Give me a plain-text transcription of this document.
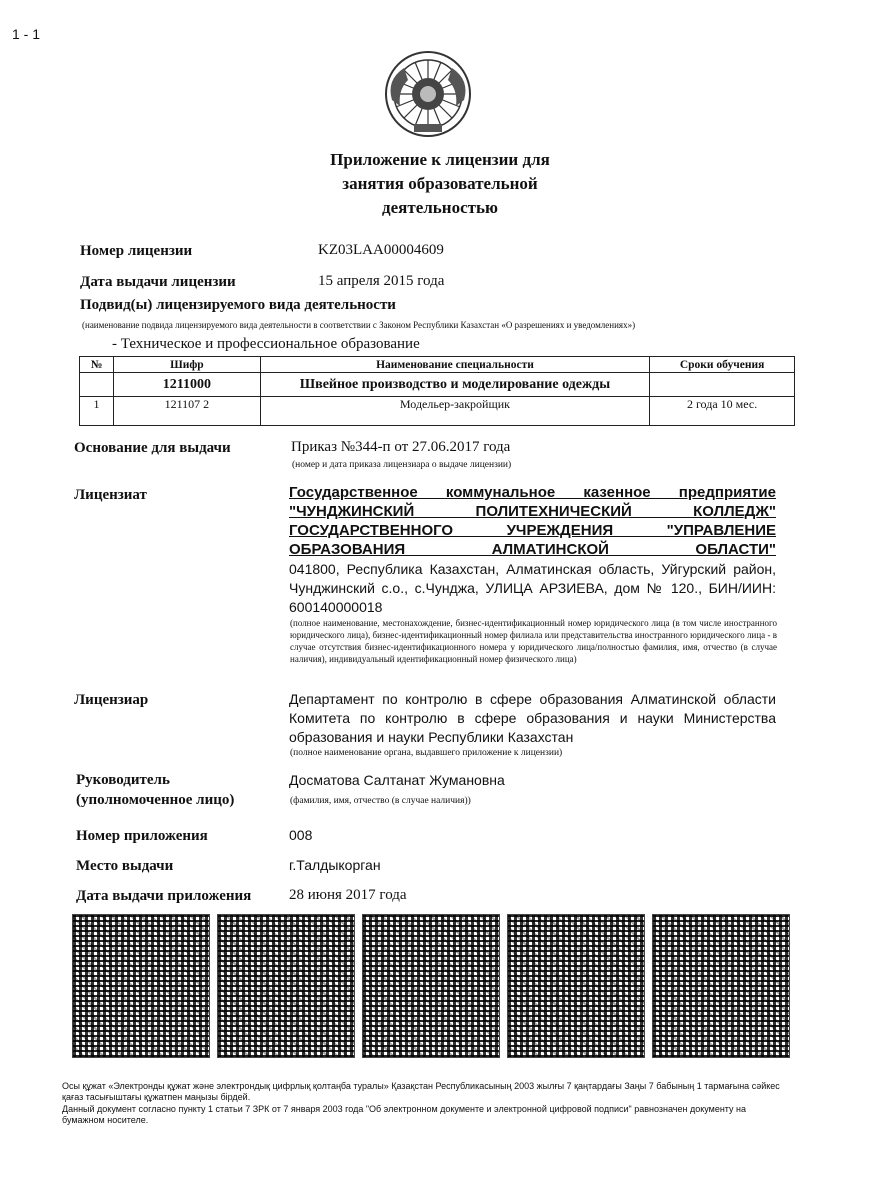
1 - 1
Приложение к лицензии для
занятия образовательной
деятельностью
Номер лицензии	KZ03LAA00004609
Дата выдачи лицензии	15 апреля 2015 года
Подвид(ы) лицензируемого вида деятельности
(наименование подвида лицензируемого вида деятельности в соответствии с Законом Республики Казахстан «О разрешениях и уведомлениях»)
- Техническое и профессиональное образование
№	Шифр	Наименование специальности	Сроки обучения
	1211000	Швейное производство и моделирование одежды	
1	121107 2	Модельер-закройщик	2 года 10 мес.
Основание для выдачи	Приказ №344-п от 27.06.2017 года
(номер и дата приказа лицензиара о выдаче лицензии)
Лицензиат	Государственное коммунальное казенное предприятие "ЧУНДЖИНСКИЙ ПОЛИТЕХНИЧЕСКИЙ КОЛЛЕДЖ" ГОСУДАРСТВЕННОГО УЧРЕЖДЕНИЯ "УПРАВЛЕНИЕ ОБРАЗОВАНИЯ АЛМАТИНСКОЙ ОБЛАСТИ"
041800, Республика Казахстан, Алматинская область, Уйгурский район, Чунджинский с.о., с.Чунджа, УЛИЦА АРЗИЕВА, дом № 120., БИН/ИИН: 600140000018
(полное наименование, местонахождение, бизнес-идентификационный номер юридического лица (в том числе иностранного юридического лица), бизнес-идентификационный номер филиала или представительства иностранного юридического лица - в случае отсутствия бизнес-идентификационного номера у юридического лица/полностью фамилия, имя, отчество (в случае наличия), индивидуальный идентификационный номер физического лица)
Лицензиар	Департамент по контролю в сфере образования Алматинской области Комитета по контролю в сфере образования и науки Министерства образования и науки Республики Казахстан
(полное наименование органа, выдавшего приложение к лицензии)
Руководитель
(уполномоченное лицо)
Досматова Салтанат Жумановна
(фамилия, имя, отчество (в случае наличия))
Номер приложения	008
Место выдачи	г.Талдыкорган
Дата выдачи приложения	28 июня 2017 года
Осы құжат «Электронды құжат және электрондық цифрлық қолтаңба туралы» Қазақстан Республикасының 2003 жылғы 7 қаңтардағы Заңы 7 бабының 1 тармағына сәйкес қағаз тасығыштағы құжатпен маңызы бірдей.
Данный документ согласно пункту 1 статьи 7 ЗРК от 7 января 2003 года "Об электронном документе и электронной цифровой подписи" равнозначен документу на бумажном носителе.
